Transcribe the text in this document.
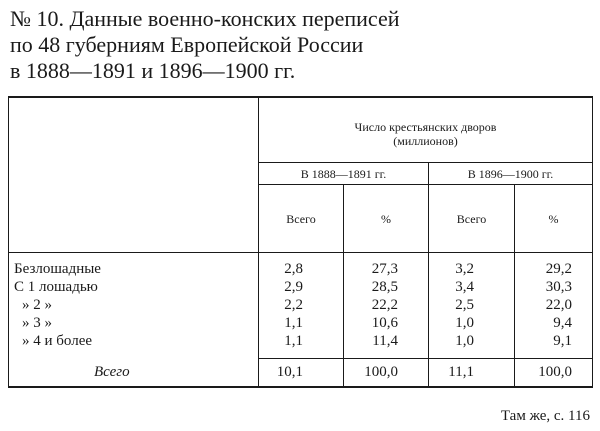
№ 10. Данные военно-конских переписей
по 48 губерниям Европейской России
в 1888—1891 и 1896—1900 гг.
Число крестьянских дворов
(миллионов)
В 1888—1891 гг.	В 1896—1900 гг.
Всего	%	Всего	%
Безлошадные	2,8	27,3	3,2	29,2
С 1 лошадью	2,9	28,5	3,4	30,3
» 2 »	2,2	22,2	2,5	22,0
» 3 »	1,1	10,6	1,0	9,4
» 4 и более	1,1	11,4	1,0	9,1
Всего	10,1	100,0	11,1	100,0
Там же, с. 116
